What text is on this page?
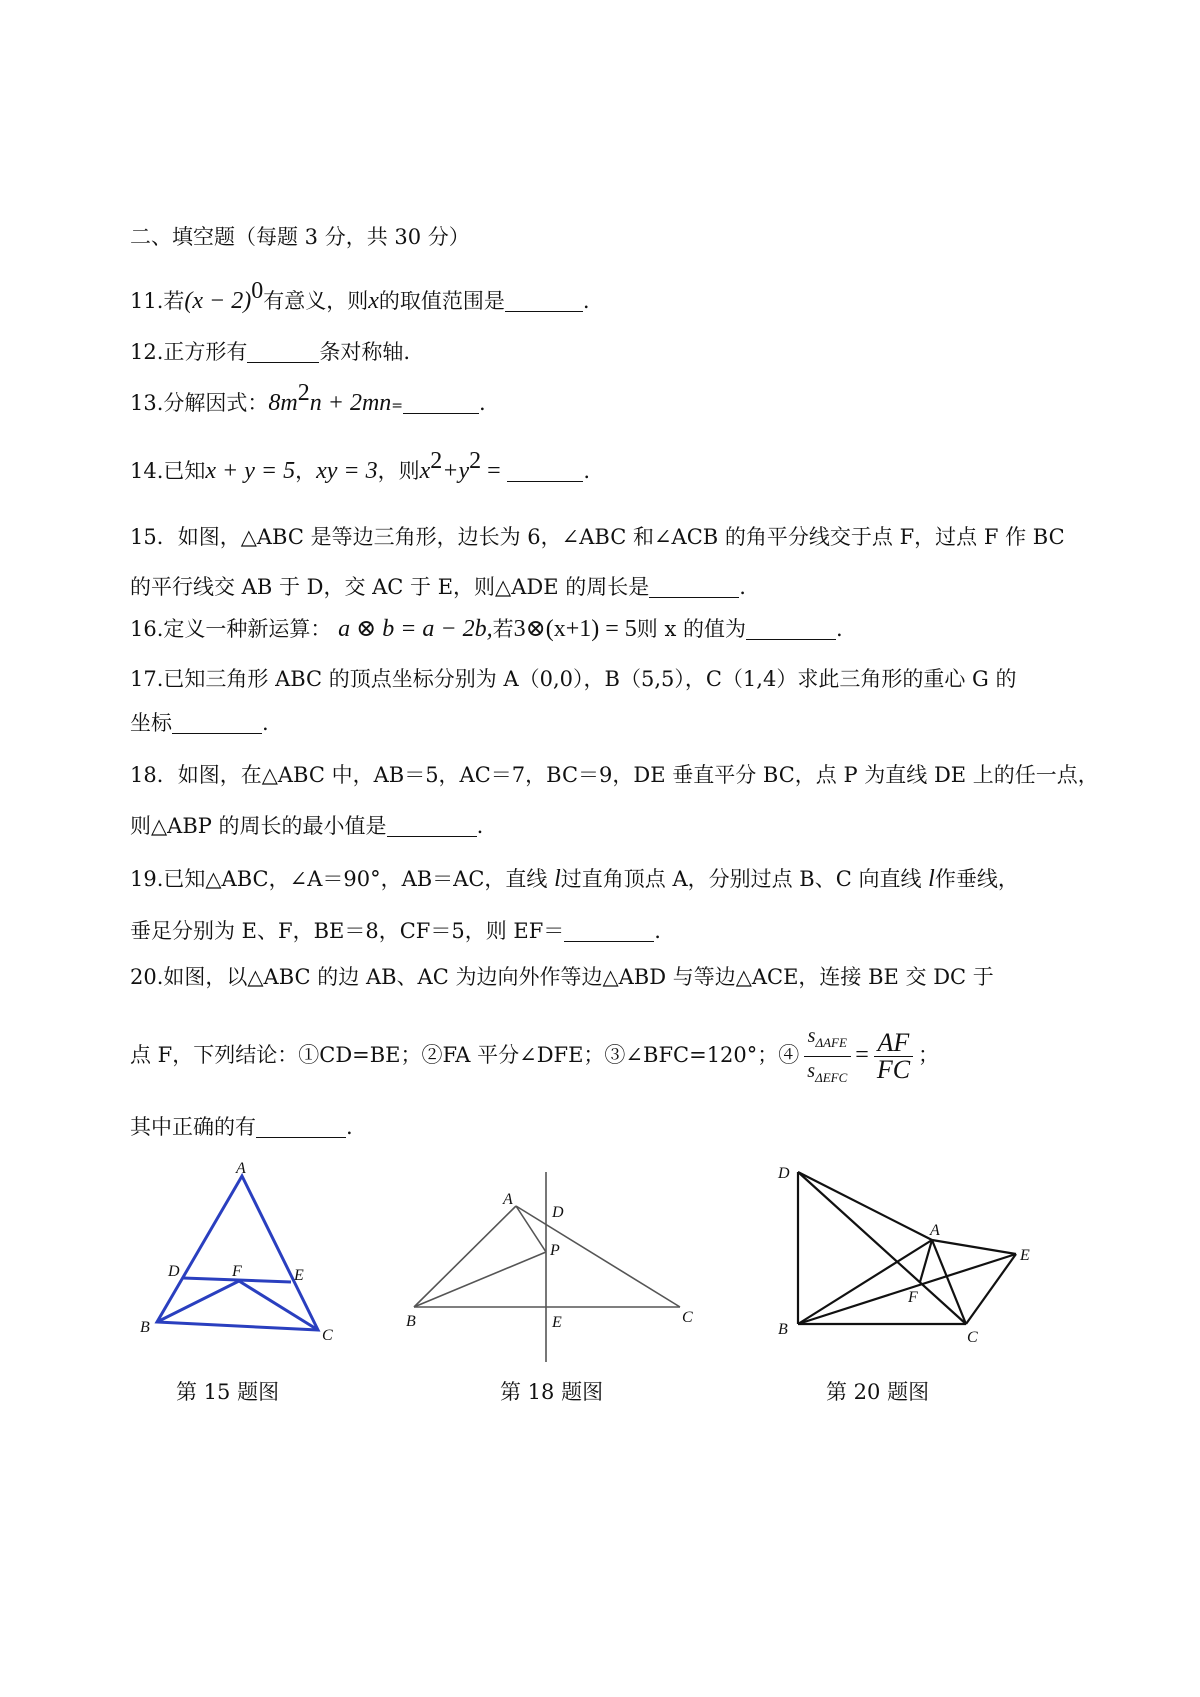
二、填空题（每题 3 分，共 30 分）
11.若$(x - 2)^0$有意义，则x的取值范围是	.
12.正方形有	条对称轴.
13.分解因式：$8m^2n + 2mn=$	.
14.已知x + y = 5，xy = 3，则$x^2+y^2$ =	.
15．如图，△ABC 是等边三角形，边长为 6，∠ABC 和∠ACB 的角平分线交于点 F，过点 F 作 BC
的平行线交 AB 于 D，交 AC 于 E，则△ADE 的周长是	.
16.定义一种新运算： a ⊗ b = a − 2b,若3⊗(x+1) = 5则 x 的值为	.
17.已知三角形 ABC 的顶点坐标分别为 A（0,0），B（5,5），C（1,4）求此三角形的重心 G 的
坐标	.
18．如图，在△ABC 中，AB＝5，AC＝7，BC＝9，DE 垂直平分 BC，点 P 为直线 DE 上的任一点，
则△ABP 的周长的最小值是	.
19.已知△ABC，∠A＝90°，AB＝AC，直线 l过直角顶点 A，分别过点 B、C 向直线 l作垂线，
垂足分别为 E、F，BE＝8，CF＝5，则 EF＝	.
20.如图，以△ABC 的边 AB、AC 为边向外作等边△ABD 与等边△ACE，连接 BE 交 DC 于
点 F，下列结论：①CD=BE；②FA 平分∠DFE；③∠BFC=120°；④ $\frac{s_{\Delta AFE}}{s_{\Delta EFC}} = \frac{AF}{FC}$ ；
其中正确的有	.
A
B	C
D	E
F
第 15 题图
A
B	C
D
E
P
第 18 题图
D
A
E
F
B	C
第 20 题图
